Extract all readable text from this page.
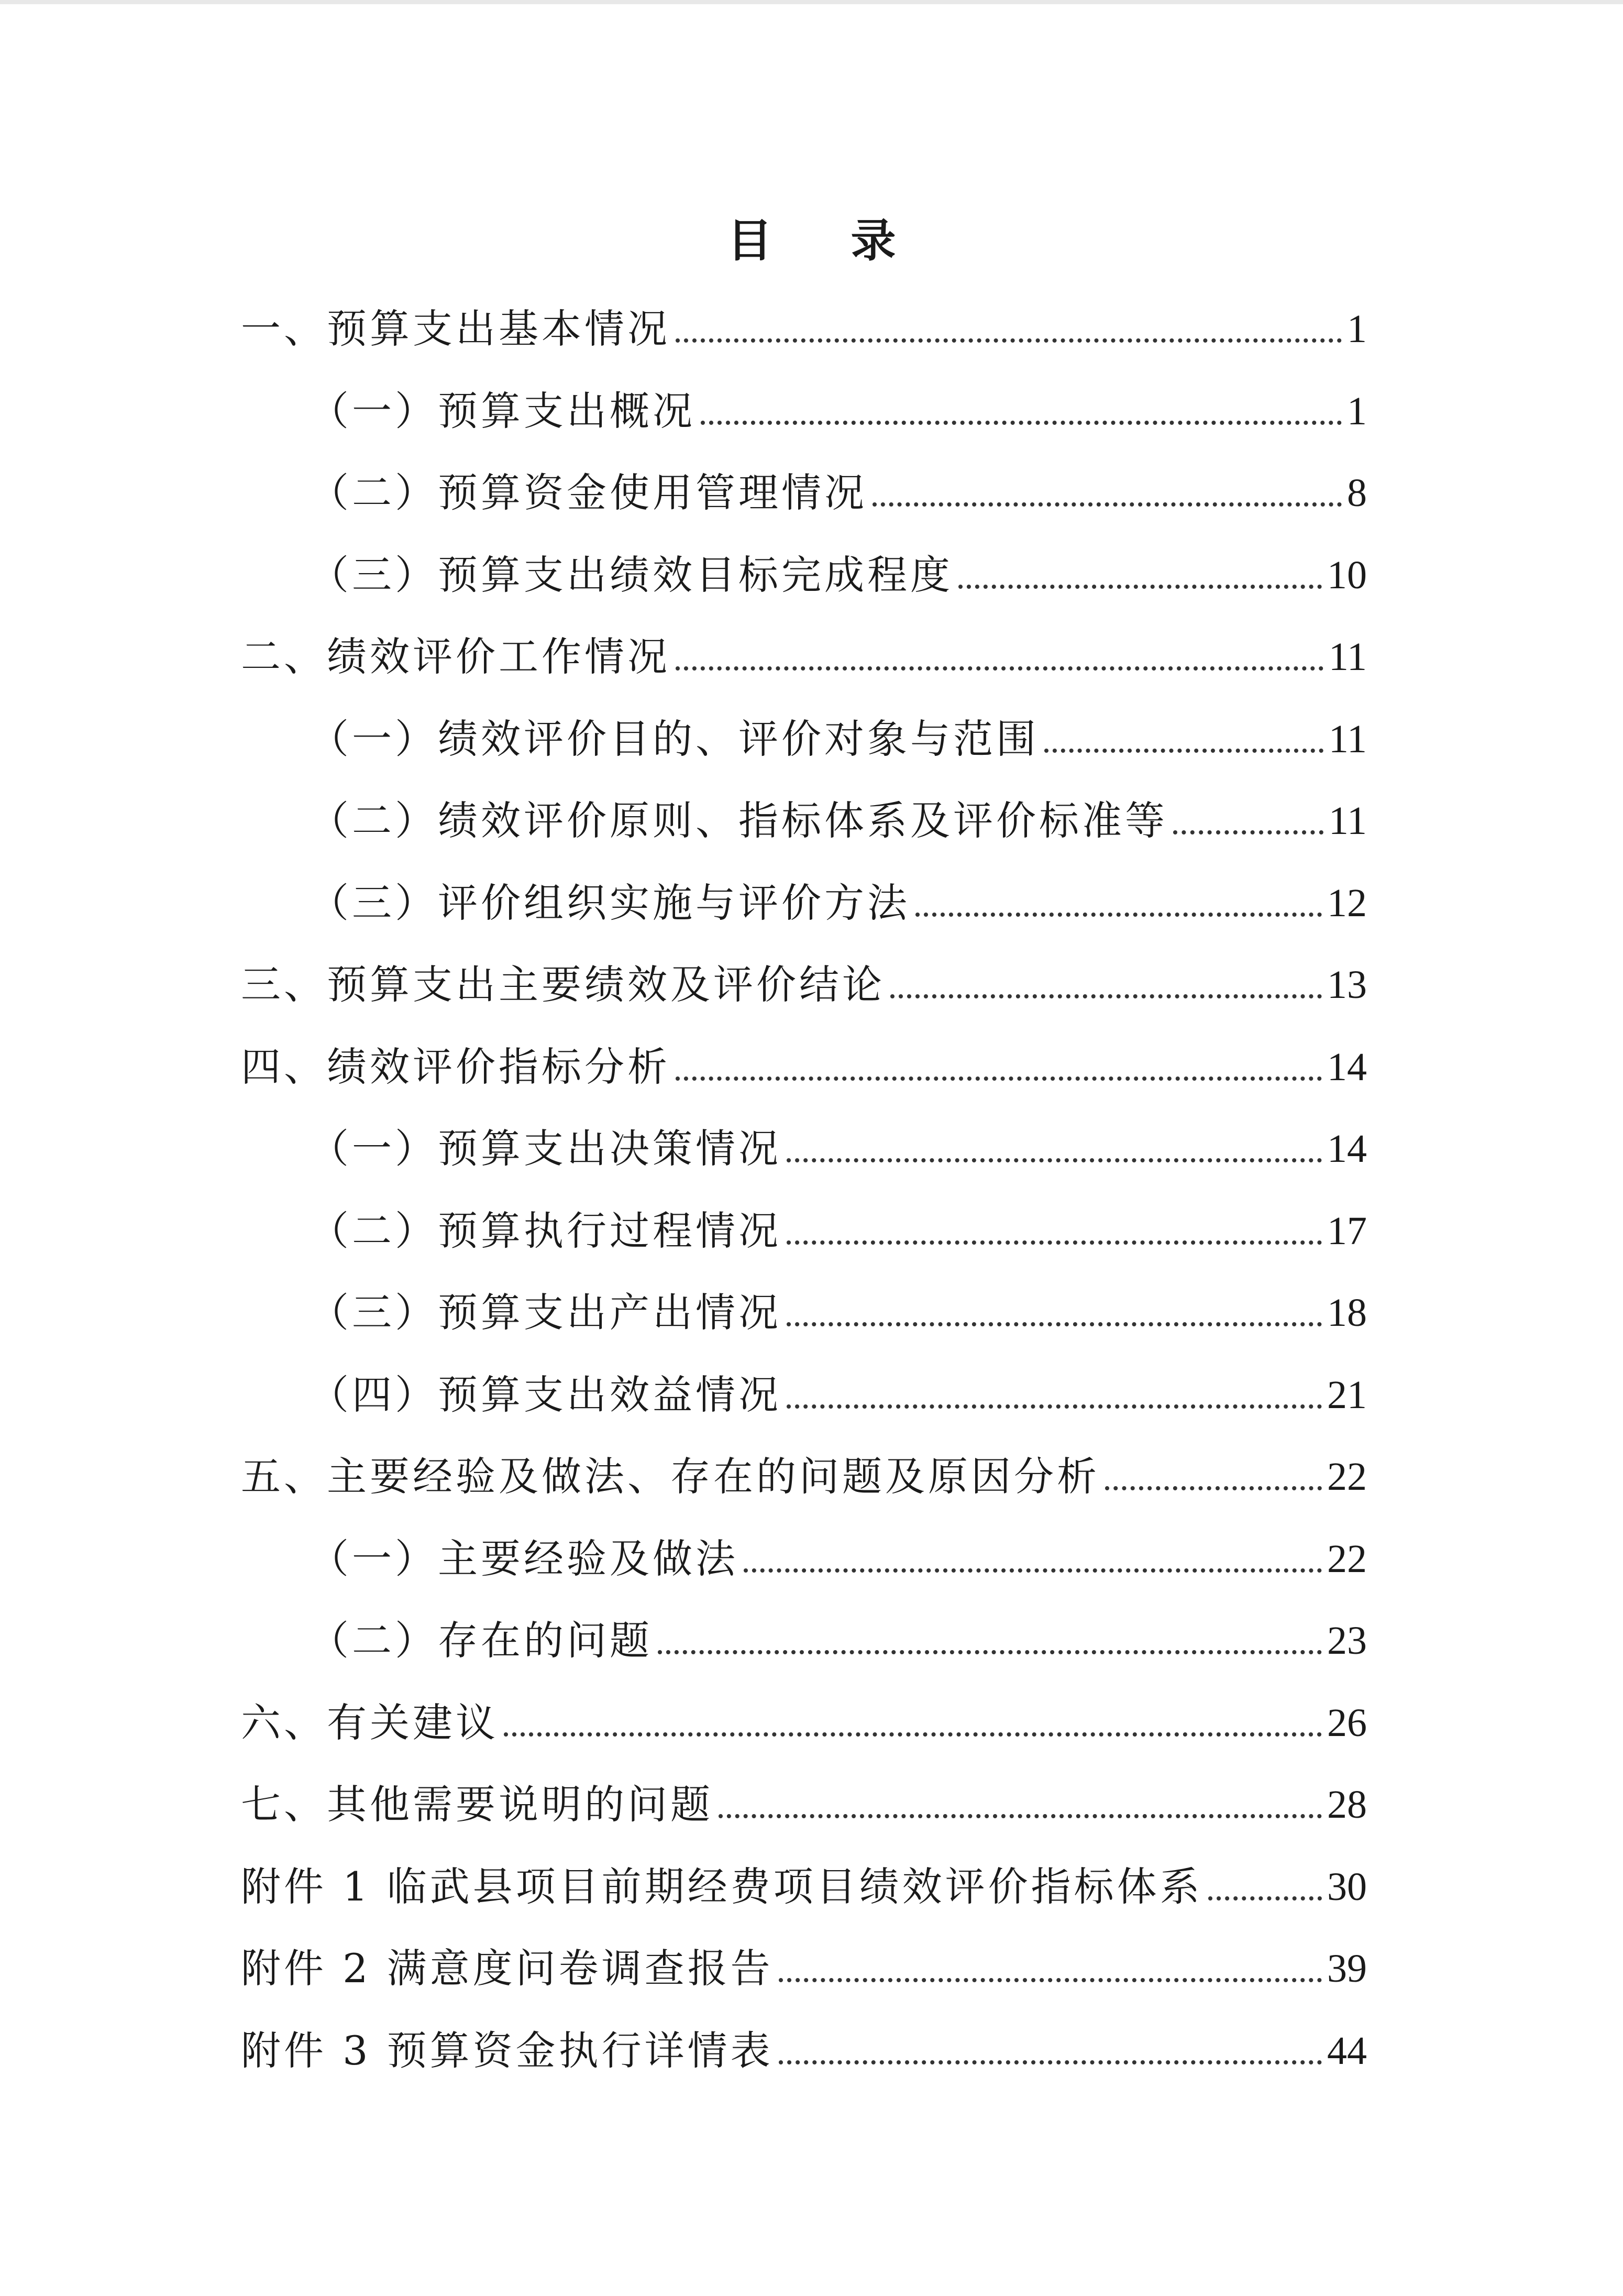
目 录
一、预算支出基本情况	1
（一）预算支出概况	1
（二）预算资金使用管理情况	8
（三）预算支出绩效目标完成程度	10
二、绩效评价工作情况	11
（一）绩效评价目的、评价对象与范围	11
（二）绩效评价原则、指标体系及评价标准等	11
（三）评价组织实施与评价方法	12
三、预算支出主要绩效及评价结论	13
四、绩效评价指标分析	14
（一）预算支出决策情况	14
（二）预算执行过程情况	17
（三）预算支出产出情况	18
（四）预算支出效益情况	21
五、主要经验及做法、存在的问题及原因分析	22
（一）主要经验及做法	22
（二）存在的问题	23
六、有关建议	26
七、其他需要说明的问题	28
附件 1 临武县项目前期经费项目绩效评价指标体系	30
附件 2 满意度问卷调查报告	39
附件 3 预算资金执行详情表	44
